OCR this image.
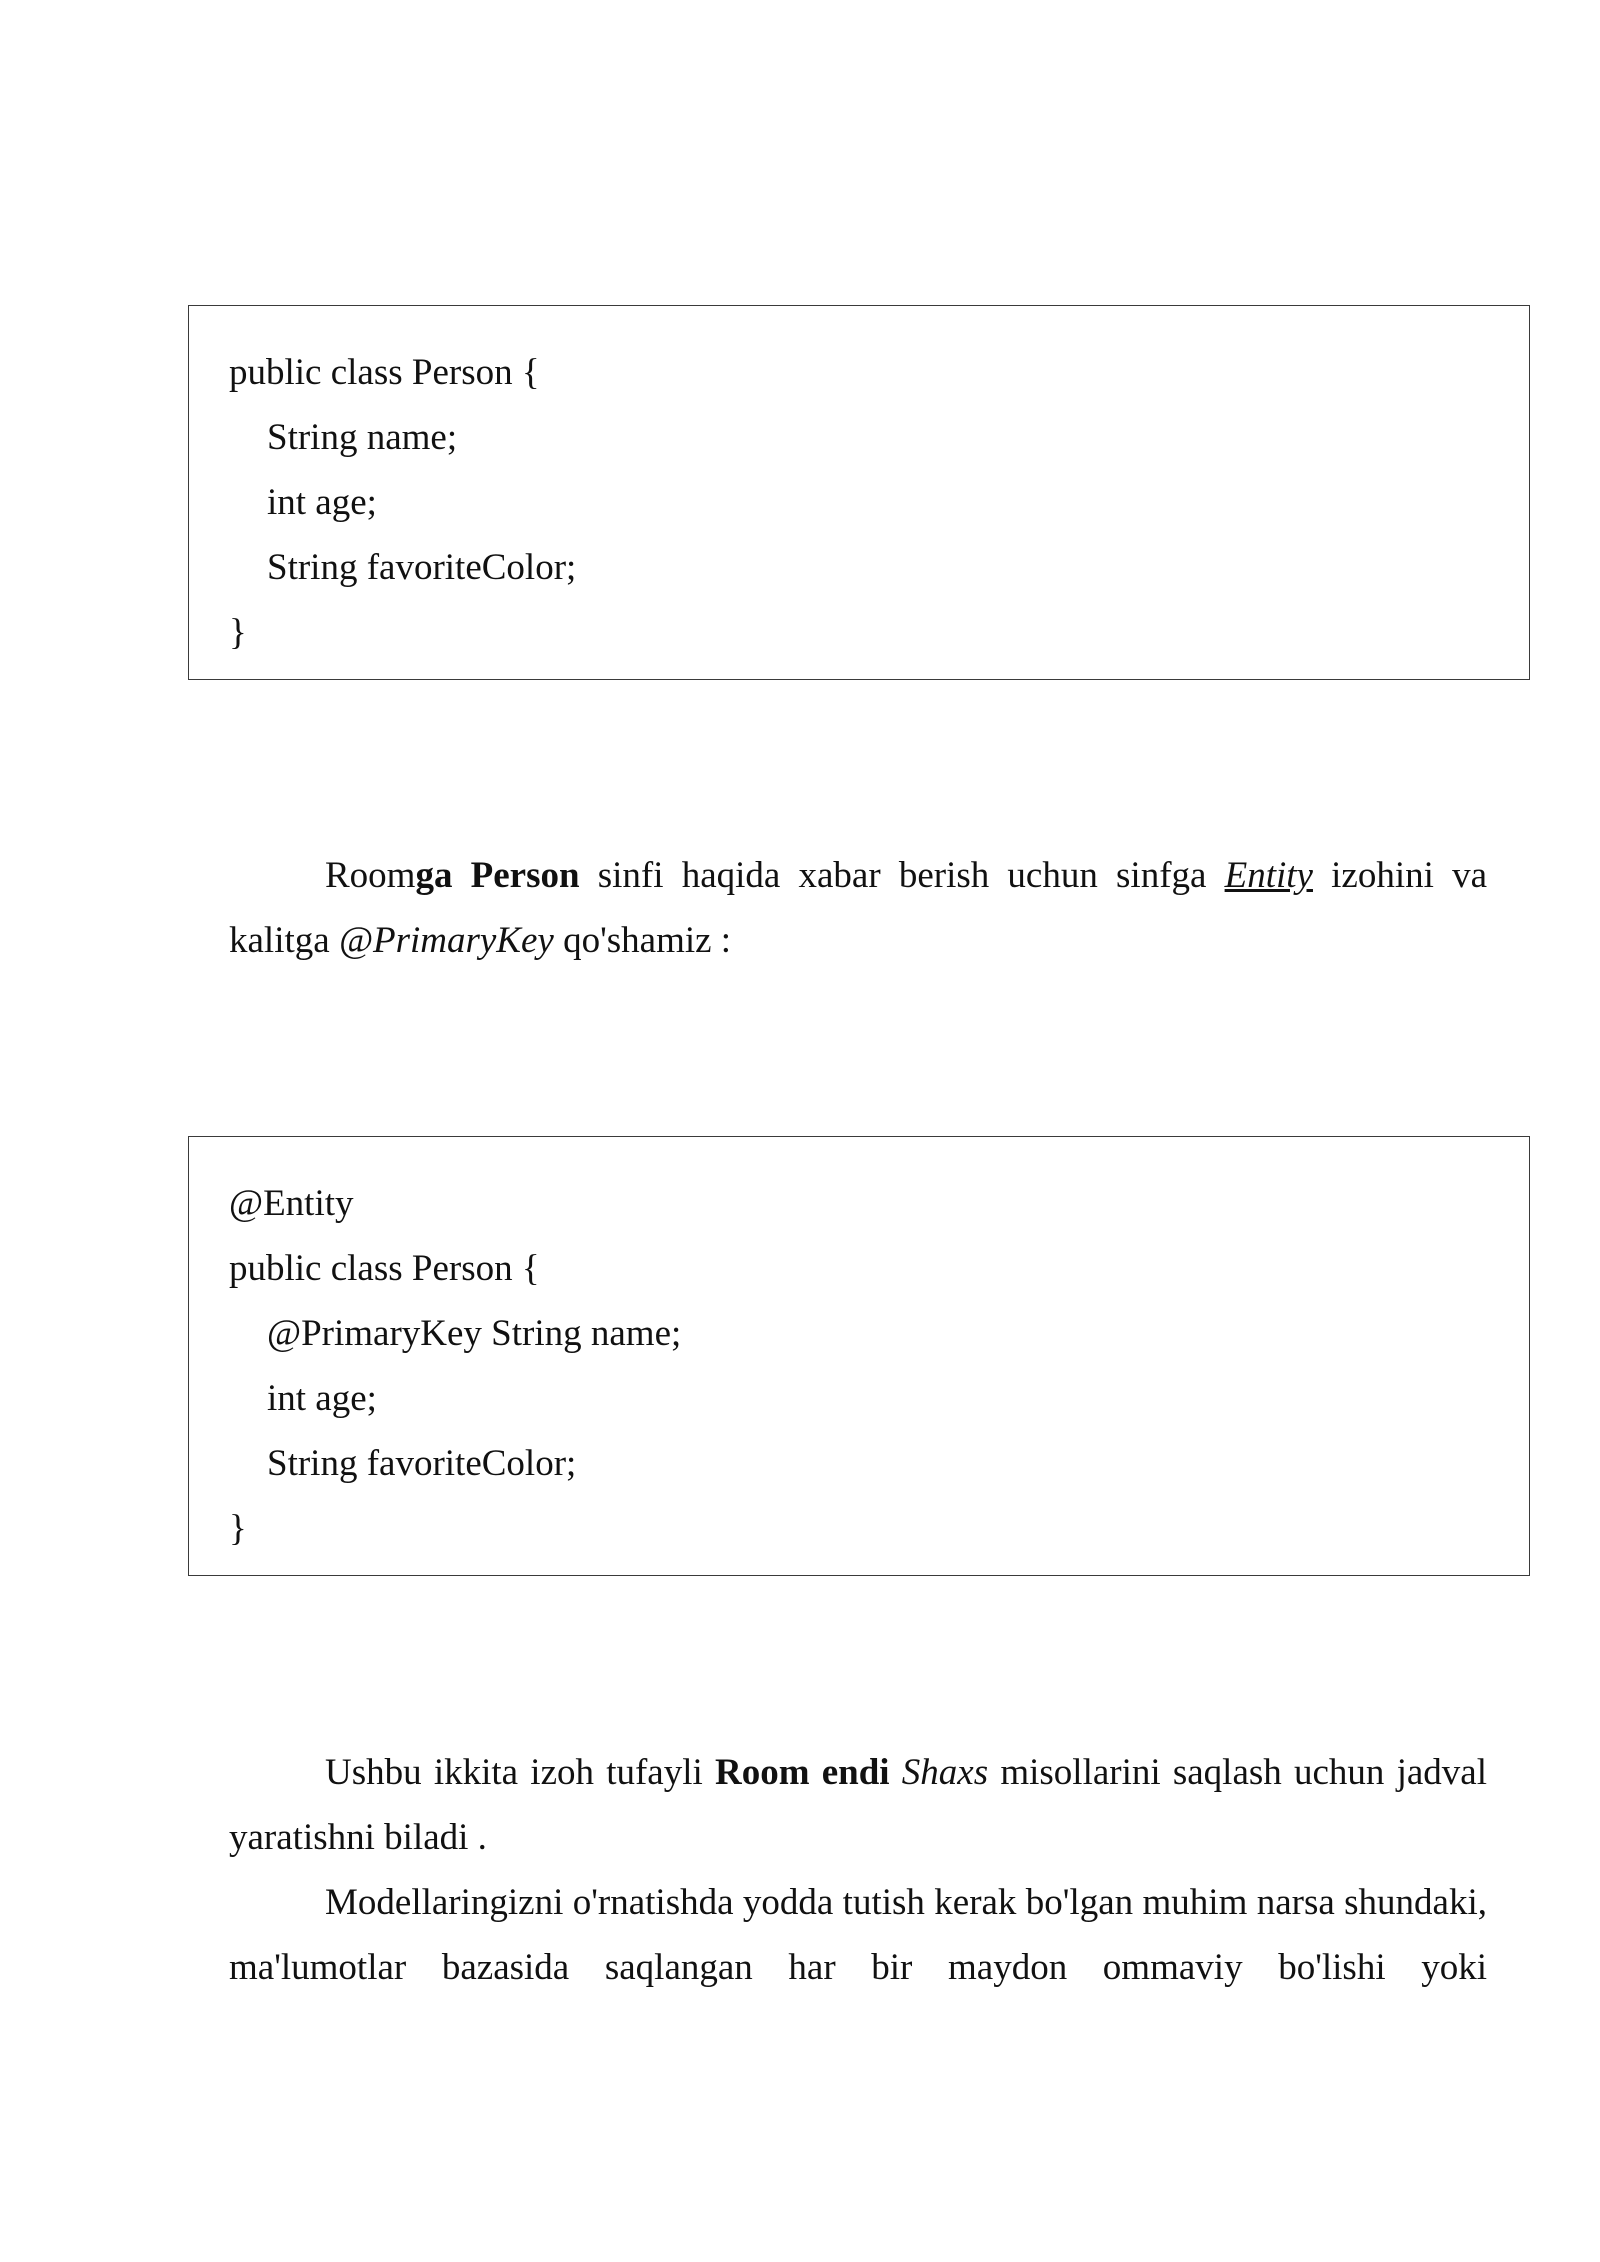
public class Person {
String name;
int age;
String favoriteColor;
}
Roomga Person sinfi haqida xabar berish uchun sinfga Entity izohini va
kalitga @PrimaryKey qo'shamiz :
@Entity
public class Person {
@PrimaryKey String name;
int age;
String favoriteColor;
}
Ushbu ikkita izoh tufayli Room endi Shaxs misollarini saqlash uchun jadval
yaratishni biladi .
Modellaringizni o'rnatishda yodda tutish kerak bo'lgan muhim narsa shundaki,
ma'lumotlar bazasida saqlangan har bir maydon ommaviy bo'lishi yoki
